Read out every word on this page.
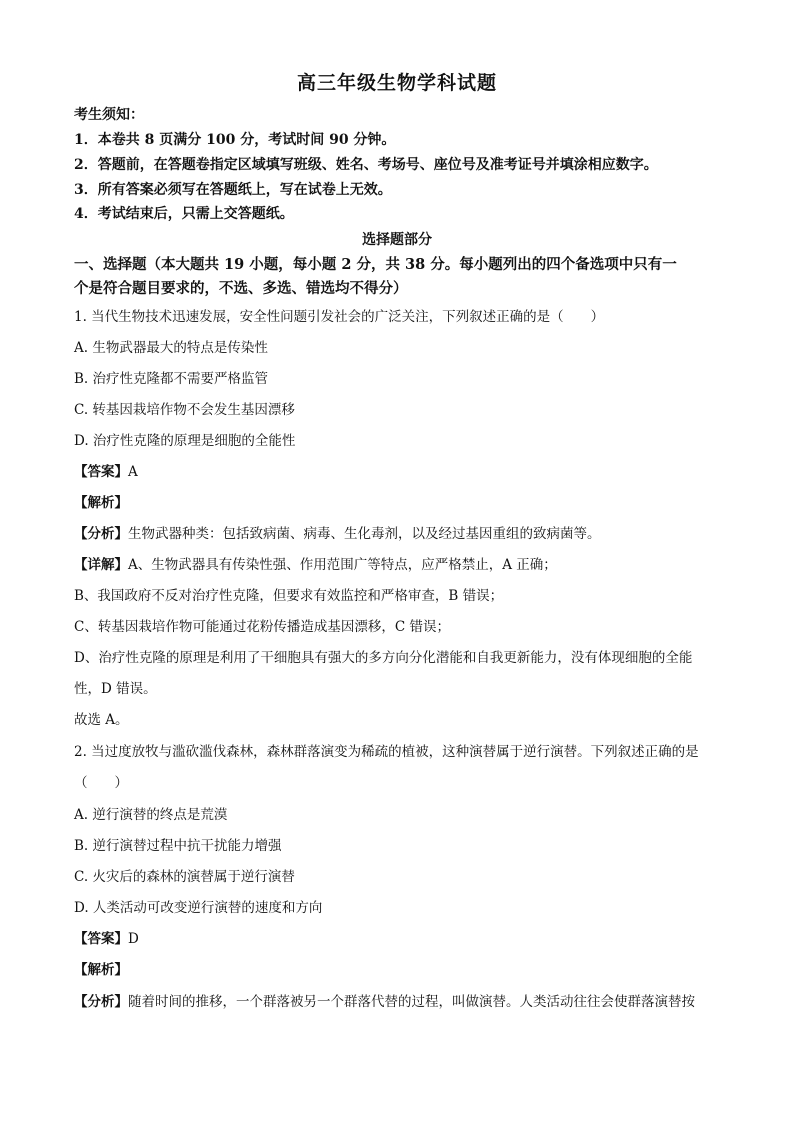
高三年级生物学科试题
考生须知：
1．本卷共 8 页满分 100 分，考试时间 90 分钟。
2．答题前，在答题卷指定区域填写班级、姓名、考场号、座位号及准考证号并填涂相应数字。
3．所有答案必须写在答题纸上，写在试卷上无效。
4．考试结束后，只需上交答题纸。
选择题部分
一、选择题（本大题共 19 小题，每小题 2 分，共 38 分。每小题列出的四个备选项中只有一
个是符合题目要求的，不选、多选、错选均不得分）
1. 当代生物技术迅速发展，安全性问题引发社会的广泛关注，下列叙述正确的是（　　）
A. 生物武器最大的特点是传染性
B. 治疗性克隆都不需要严格监管
C. 转基因栽培作物不会发生基因漂移
D. 治疗性克隆的原理是细胞的全能性
【答案】A
【解析】
【分析】生物武器种类：包括致病菌、病毒、生化毒剂，以及经过基因重组的致病菌等。
【详解】A、生物武器具有传染性强、作用范围广等特点，应严格禁止，A 正确；
B、我国政府不反对治疗性克隆，但要求有效监控和严格审查，B 错误；
C、转基因栽培作物可能通过花粉传播造成基因漂移，C 错误；
D、治疗性克隆的原理是利用了干细胞具有强大的多方向分化潜能和自我更新能力，没有体现细胞的全能
性，D 错误。
故选 A。
2. 当过度放牧与滥砍滥伐森林，森林群落演变为稀疏的植被，这种演替属于逆行演替。下列叙述正确的是
（　　）
A. 逆行演替的终点是荒漠
B. 逆行演替过程中抗干扰能力增强
C. 火灾后的森林的演替属于逆行演替
D. 人类活动可改变逆行演替的速度和方向
【答案】D
【解析】
【分析】随着时间的推移，一个群落被另一个群落代替的过程，叫做演替。人类活动往往会使群落演替按
